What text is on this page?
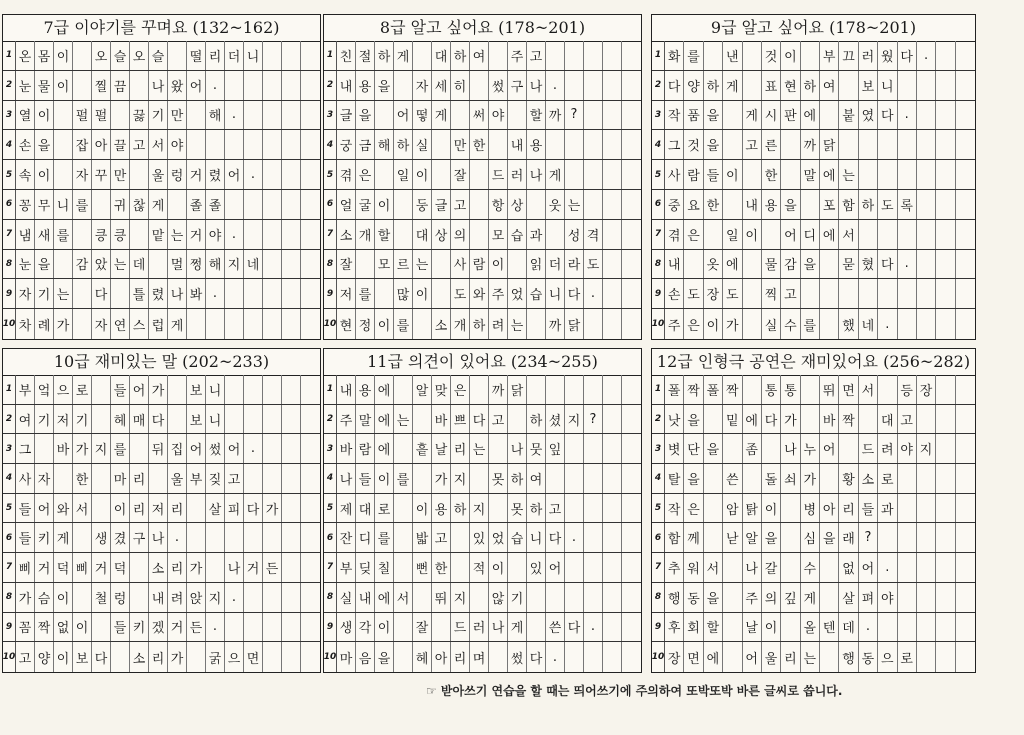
7급 이야기를 꾸며요 (132~162)
1 온 몸 이 오 슬 오 슬 떨 리 더 니
2 눈 물 이 찔 끔 나 왔 어 .
3 열 이 펄 펄 끓 기 만 해 .
4 손 을 잡 아 끌 고 서 야
5 속 이 자 꾸 만 울 렁 거 렸 어 .
6 꽁 무 니 를 귀 찮 게 졸 졸
7 냄 새 를 킁 킁 맡 는 거 야 .
8 눈 을 감 았 는 데 멀 쩡 해 지 네
9 자 기 는 다 틀 렸 나 봐 .
10 차 례 가 자 연 스 럽 게
8급 알고 싶어요 (178~201)
1 친 절 하 게 대 하 여 주 고
2 내 용 을 자 세 히 썼 구 나 .
3 글 을 어 떻 게 써 야 할 까 ?
4 궁 금 해 하 실 만 한 내 용
5 겪 은 일 이 잘 드 러 나 게
6 얼 굴 이 둥 글 고 항 상 웃 는
7 소 개 할 대 상 의 모 습 과 성 격
8 잘 모 르 는 사 람 이 읽 더 라 도
9 저 를 많 이 도 와 주 었 습 니 다 .
10 현 정 이 를 소 개 하 려 는 까 닭
9급 알고 싶어요 (178~201)
1 화 를	낸	것 이	부 끄 러 웠 다 .
2 다 양 하 게	표 현 하 여	보 니
3 작 품 을	게 시 판 에	붙 였 다 .
4 그 것 을	고 른	까 닭
5 사 람 들 이	한	말 에 는
6 중 요 한	내 용 을	포 함 하 도 록
7 겪 은	일 이	어 디 에 서
8 내	옷 에	물 감 을	묻 혔 다 .
9 손 도 장 도	찍 고
10 주 은 이 가	실 수 를	했 네 .
10급 재미있는 말 (202~233)
1 부 엌 으 로 들 어 가 보 니
2 여 기 저 기 헤 매 다 보 니
3 그 바 가 지 를 뒤 집 어 썼 어 .
4 사 자 한 마 리 울 부 짖 고
5 들 어 와 서 이 리 저 리 살 피 다 가
6 들 키 게 생 겼 구 나 .
7 삐 거 덕 삐 거 덕 소 리 가 나 거 든
8 가 슴 이 철 렁 내 려 앉 지 .
9 꼼 짝 없 이 들 키 겠 거 든 .
10 고 양 이 보 다 소 리 가 굵 으 면
11급 의견이 있어요 (234~255)
1 내 용 에 알 맞 은 까 닭
2 주 말 에 는 바 쁘 다 고 하 셨 지 ?
3 바 람 에 흩 날 리 는 나 뭇 잎
4 나 들 이 를 가 지 못 하 여
5 제 대 로 이 용 하 지 못 하 고
6 잔 디 를 밟 고 있 었 습 니 다 .
7 부 딪 칠 뻔 한 적 이 있 어
8 실 내 에 서 뛰 지 않 기
9 생 각 이 잘 드 러 나 게 쓴 다 .
10 마 음 을 헤 아 리 며 썼 다 .
12급 인형극 공연은 재미있어요 (256~282)
1 폴 짝 폴 짝	통 통	뛰 면 서	등 장
2 낫 을	밑 에 다 가	바 짝	대 고
3 볏 단 을	좀	나 누 어	드 려 야 지
4 탈 을	쓴	돌 쇠 가	황 소 로
5 작 은	암 탉 이	병 아 리 들 과
6 함 께	낟 알 을	심 을 래 ?
7 추 워 서	나 갈	수	없 어 .
8 행 동 을	주 의 깊 게	살 펴 야
9 후 회 할	날 이	올 텐 데 .
10 장 면 에	어 울 리 는	행 동 으 로
☞ 받아쓰기 연습을 할 때는 띄어쓰기에 주의하여 또박또박 바른 글씨로 씁니다.
